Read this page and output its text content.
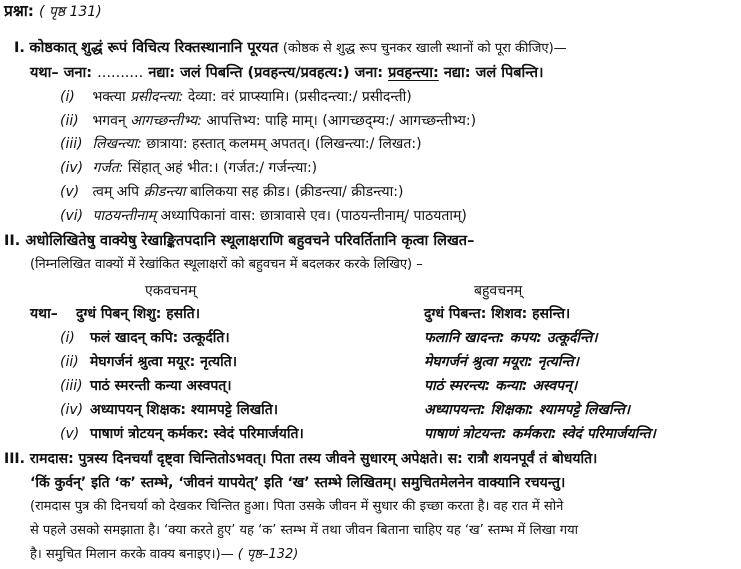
प्रश्ना: ( पृष्ठ 131)
I. कोष्ठकात् शुद्धं रूपं विचित्य रिक्तस्थानानि पूरयत (कोष्ठक से शुद्ध रूप चुनकर खाली स्थानों को पूरा कीजिए)—
यथा– जना: .......... नद्या: जलं पिबन्ति (प्रवहन्त्य/प्रवहत्य:) जना: प्रवहन्त्या: नद्या: जलं पिबन्ति।
(i) भक्त्या प्रसीदन्त्या: देव्या: वरं प्राप्स्यामि। (प्रसीदन्त्या:/ प्रसीदन्ती)
(ii) भगवन् आगच्छन्तीभ्य: आपत्तिभ्य: पाहि माम्। (आगच्छद्म्य:/ आगच्छन्तीभ्य:)
(iii) लिखन्त्या: छात्राया: हस्तात् कलमम् अपतत्। (लिखन्त्या:/ लिखत:)
(iv) गर्जत: सिंहात् अहं भीत:। (गर्जत:/ गर्जन्त्या:)
(v) त्वम् अपि क्रीडन्त्या बालिकया सह क्रीड। (क्रीडन्त्या/ क्रीडन्त्या:)
(vi) पाठयन्तीनाम् अध्यापिकानां वास: छात्रावासे एव। (पाठयन्तीनाम्/ पाठयताम्)
II. अधोलिखितेषु वाक्येषु रेखाङ्कितपदानि स्थूलाक्षराणि बहुवचने परिवर्तितानि कृत्वा लिखत–
(निम्नलिखित वाक्यों में रेखांकित स्थूलाक्षरों को बहुवचन में बदलकर करके लिखिए) –
एकवचनम्	बहुवचनम्
यथा– दुग्धं पिबन् शिशु: हसति।	दुग्धं पिबन्त: शिशव: हसन्ति।
(i) फलं खादन् कपि: उत्कूर्दति।	फलानि खादन्त: कपय: उत्कूर्दन्ति।
(ii) मेघगर्जनं श्रुत्वा मयूर: नृत्यति।	मेघगर्जनं श्रुत्वा मयूरा: नृत्यन्ति।
(iii) पाठं स्मरन्ती कन्या अस्वपत्।	पाठं स्मरन्त्य: कन्या: अस्वपन्।
(iv) अध्यापयन् शिक्षक: श्यामपट्टे लिखति।	अध्यापयन्त: शिक्षका: श्यामपट्टे लिखन्ति।
(v) पाषाणं त्रोटयन् कर्मकर: स्वेदं परिमार्जयति।	पाषाणं त्रोटयन्त: कर्मकरा: स्वेदं परिमार्जयन्ति।
III. रामदास: पुत्रस्य दिनचर्यां दृष्ट्वा चिन्तितोऽभवत्। पिता तस्य जीवने सुधारम् अपेक्षते। स: रात्रौ शयनपूर्वं तं बोधयति।
‘किं कुर्वन्’ इति ‘क’ स्तम्भे, ‘जीवनं यापयेत्’ इति ‘ख’ स्तम्भे लिखितम्। समुचितमेलनेन वाक्यानि रचयन्तु।
(रामदास पुत्र की दिनचर्या को देखकर चिन्तित हुआ। पिता उसके जीवन में सुधार की इच्छा करता है। वह रात में सोने
से पहले उसको समझाता है। ‘क्या करते हुए’ यह ‘क’ स्तम्भ में तथा जीवन बिताना चाहिए यह ‘ख’ स्तम्भ में लिखा गया
है। समुचित मिलान करके वाक्य बनाइए।)— ( पृष्ठ–132)
